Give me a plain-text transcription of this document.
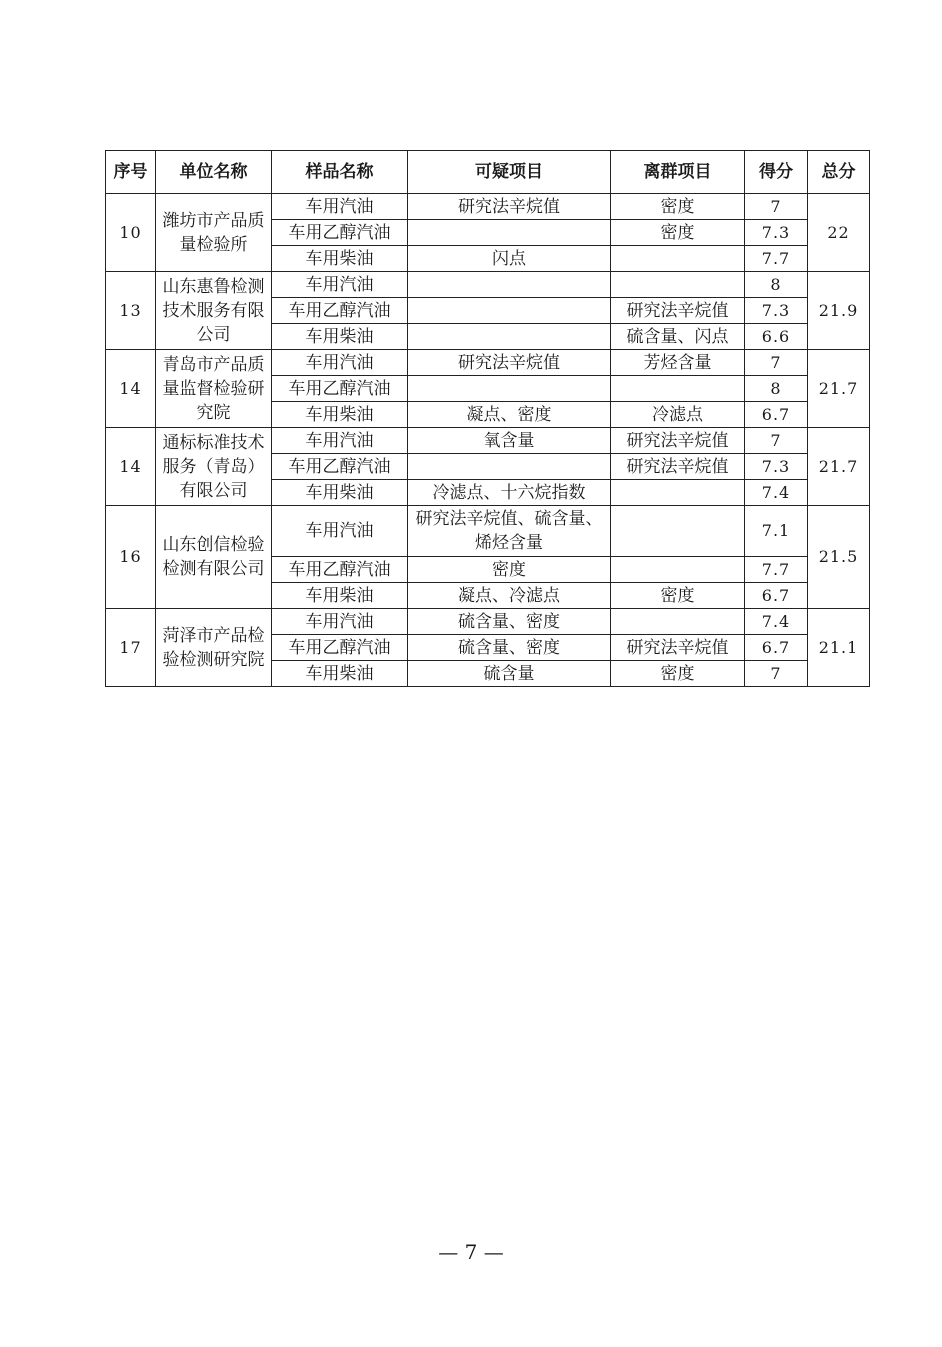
序号	单位名称	样品名称	可疑项目	离群项目	得分	总分
10	潍坊市产品质量检验所	车用汽油	研究法辛烷值	密度	7	22
		车用乙醇汽油		密度	7.3	
		车用柴油	闪点		7.7	
13	山东惠鲁检测技术服务有限公司	车用汽油			8	21.9
		车用乙醇汽油		研究法辛烷值	7.3	
		车用柴油		硫含量、闪点	6.6	
14	青岛市产品质量监督检验研究院	车用汽油	研究法辛烷值	芳烃含量	7	21.7
		车用乙醇汽油			8	
		车用柴油	凝点、密度	冷滤点	6.7	
14	通标标准技术服务（青岛）有限公司	车用汽油	氧含量	研究法辛烷值	7	21.7
		车用乙醇汽油		研究法辛烷值	7.3	
		车用柴油	冷滤点、十六烷指数		7.4	
16	山东创信检验检测有限公司	车用汽油	研究法辛烷值、硫含量、烯烃含量		7.1	21.5
		车用乙醇汽油	密度		7.7	
		车用柴油	凝点、冷滤点	密度	6.7	
17	菏泽市产品检验检测研究院	车用汽油	硫含量、密度		7.4	21.1
		车用乙醇汽油	硫含量、密度	研究法辛烷值	6.7	
		车用柴油	硫含量	密度	7	
— 7 —
